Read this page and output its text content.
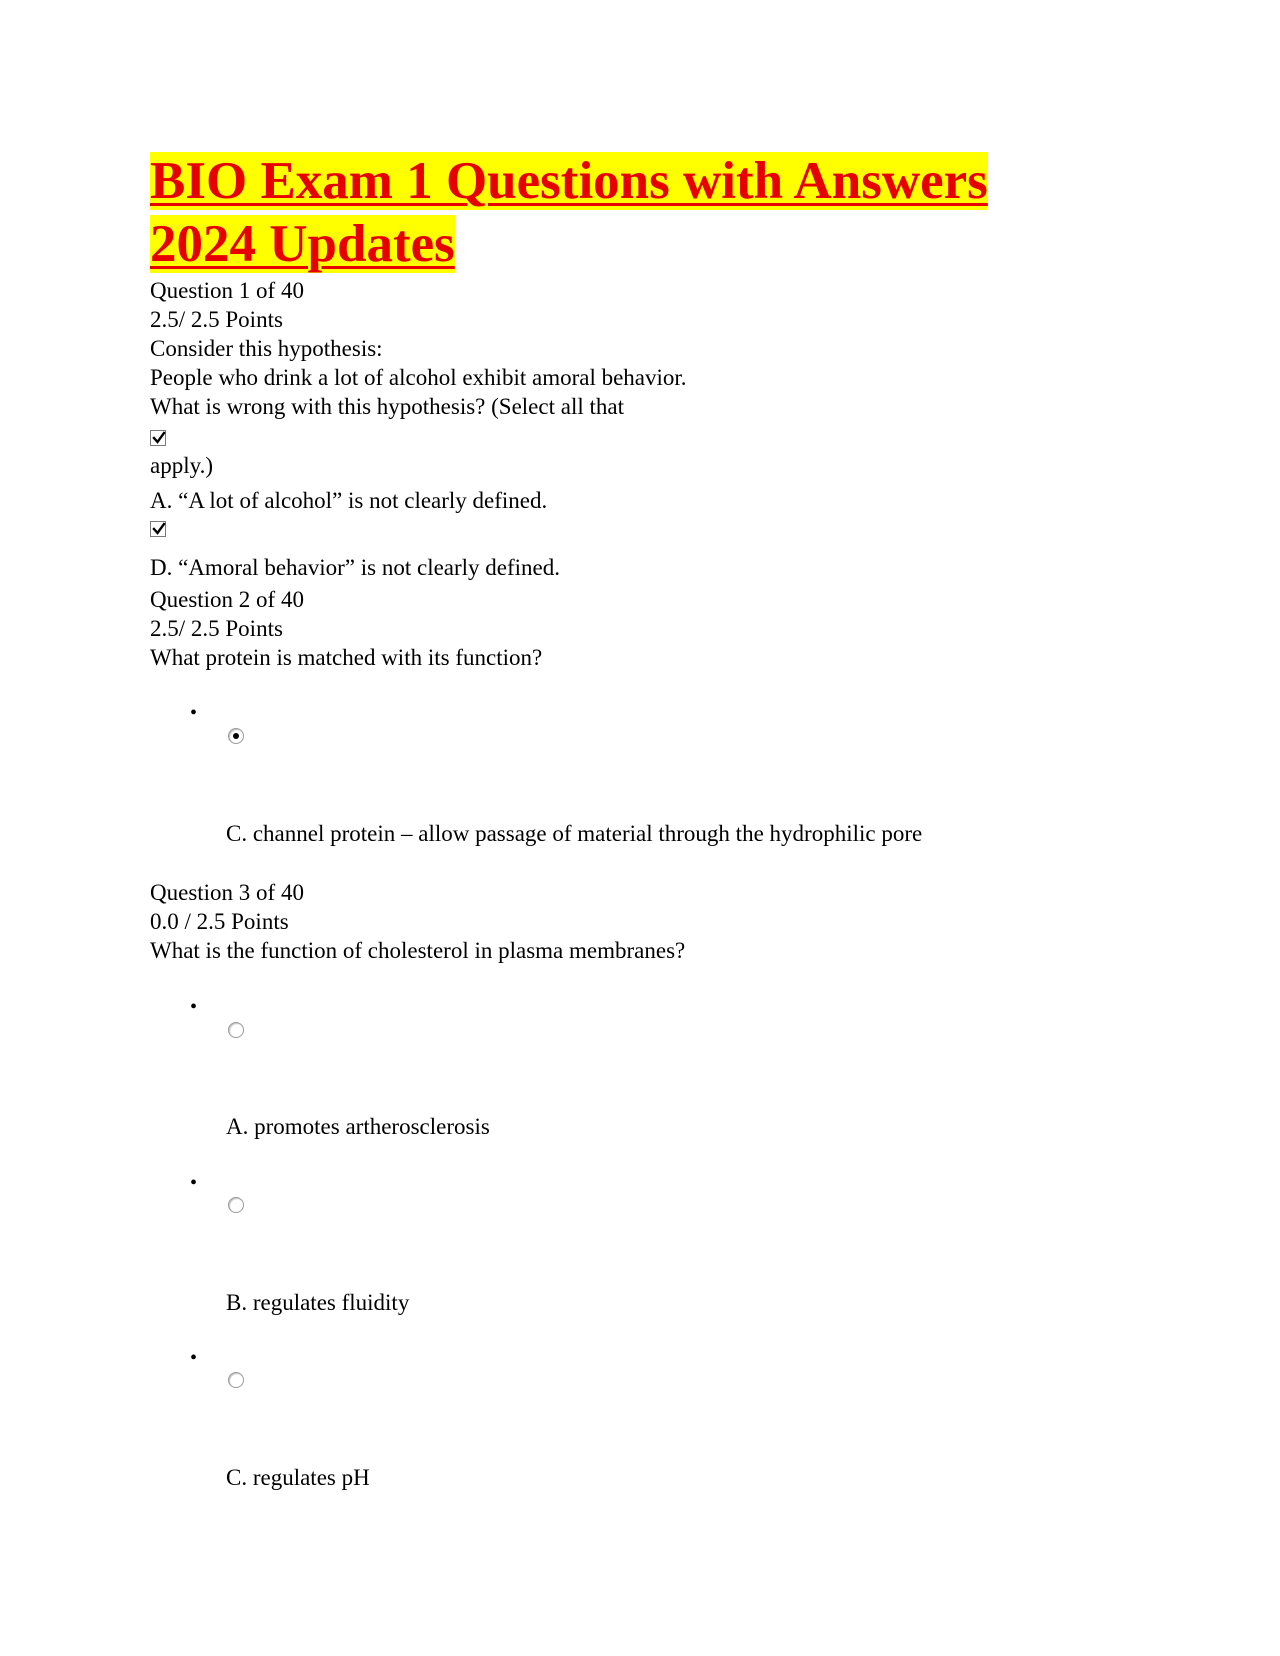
BIO Exam 1 Questions with Answers 2024 Updates
Question 1 of 40
2.5/ 2.5 Points
Consider this hypothesis:
People who drink a lot of alcohol exhibit amoral behavior.
What is wrong with this hypothesis? (Select all that
apply.)
A. “A lot of alcohol” is not clearly defined.
D. “Amoral behavior” is not clearly defined.
Question 2 of 40
2.5/ 2.5 Points
What protein is matched with its function?
•
C. channel protein – allow passage of material through the hydrophilic pore
Question 3 of 40
0.0 / 2.5 Points
What is the function of cholesterol in plasma membranes?
•
A. promotes artherosclerosis
•
B. regulates fluidity
•
C. regulates pH
